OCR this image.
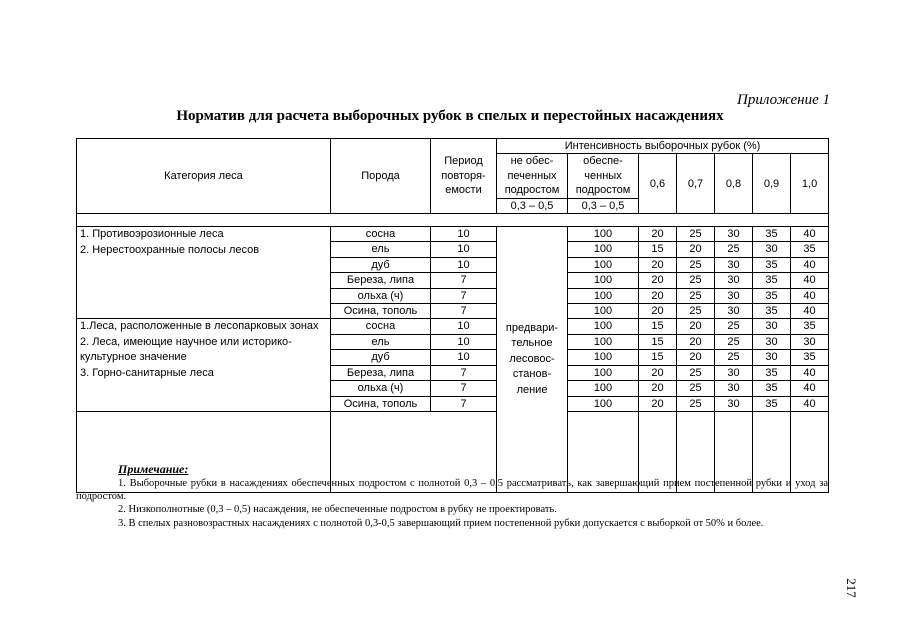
Приложение 1
Норматив для расчета выборочных рубок в спелых и перестойных насаждениях
Категория леса	Порода	Период повторя- емости	Интенсивность выборочных рубок (%)						
			не обес- печенных подростом	обеспе- ченных подростом	0,6	0,7	0,8	0,9	1,0
			0,3 – 0,5	0,3 – 0,5					

1. Противоэрозионные леса
2. Нерестоохранные полосы лесов	сосна	10	предвари- тельное лесовос- станов- ление	100	20	25	30	35	40
	ель	10		100	15	20	25	30	35
	дуб	10		100	20	25	30	35	40
	Береза, липа	7		100	20	25	30	35	40
	ольха (ч)	7		100	20	25	30	35	40
	Осина, тополь	7		100	20	25	30	35	40

1.Леса, расположенные в лесопарковых зонах
2. Леса, имеющие научное или историко-культурное значение
3. Горно-санитарные леса	сосна	10		100	15	20	25	30	35
	ель	10		100	15	20	25	30	30
	дуб	10		100	15	20	25	30	35
	Береза, липа	7		100	20	25	30	35	40
	ольха (ч)	7		100	20	25	30	35	40
	Осина, тополь	7		100	20	25	30	35	40

Примечание:
1. Выборочные рубки в насаждениях обеспеченных подростом с полнотой 0,3 – 0,5 рассматривать, как завершающий прием постепенной рубки и уход за подростом.
2. Низкополнотные (0,3 – 0,5) насаждения, не обеспеченные подростом в рубку не проектировать.
3. В спелых разновозрастных насаждениях с полнотой 0,3-0,5 завершающий прием постепенной рубки допускается с выборкой от 50% и более.
217
